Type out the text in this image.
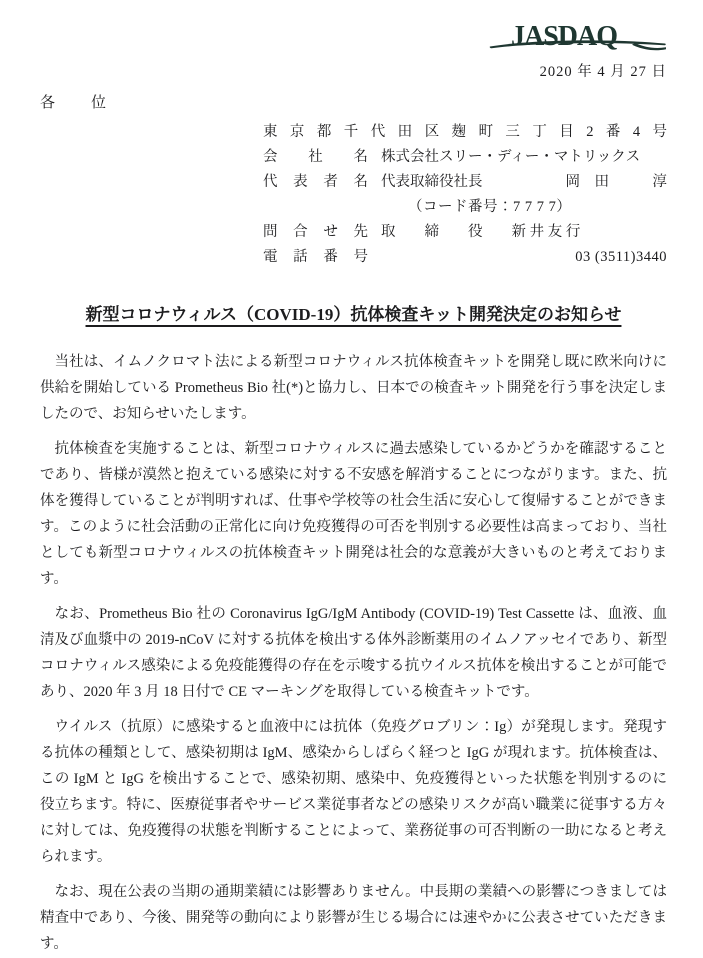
JASDAQ
2020 年 4 月 27 日
各　　位
東京都千代田区麹町三丁目2番4号
会社名 株式会社スリー・ディー・マトリックス
代表者名 代表取締役社長	岡　田　　　淳
（コード番号：7 7 7 7）
問合せ先 取　　締　　役　　新 井 友 行
電話番号	03 (3511)3440
新型コロナウィルス（COVID-19）抗体検査キット開発決定のお知らせ

当社は、イムノクロマト法による新型コロナウィルス抗体検査キットを開発し既に欧米向けに供給を開始している Prometheus Bio 社(*)と協力し、日本での検査キット開発を行う事を決定しましたので、お知らせいたします。

抗体検査を実施することは、新型コロナウィルスに過去感染しているかどうかを確認することであり、皆様が漠然と抱えている感染に対する不安感を解消することにつながります。また、抗体を獲得していることが判明すれば、仕事や学校等の社会生活に安心して復帰することができます。このように社会活動の正常化に向け免疫獲得の可否を判別する必要性は高まっており、当社としても新型コロナウィルスの抗体検査キット開発は社会的な意義が大きいものと考えております。

なお、Prometheus Bio 社の Coronavirus IgG/IgM Antibody (COVID-19) Test Cassette は、血液、血清及び血漿中の 2019-nCoV に対する抗体を検出する体外診断薬用のイムノアッセイであり、新型コロナウィルス感染による免疫能獲得の存在を示唆する抗ウイルス抗体を検出することが可能であり、2020 年 3 月 18 日付で CE マーキングを取得している検査キットです。

ウイルス（抗原）に感染すると血液中には抗体（免疫グロブリン：Ig）が発現します。発現する抗体の種類として、感染初期は IgM、感染からしばらく経つと IgG が現れます。抗体検査は、この IgM と IgG を検出することで、感染初期、感染中、免疫獲得といった状態を判別するのに役立ちます。特に、医療従事者やサービス業従事者などの感染リスクが高い職業に従事する方々に対しては、免疫獲得の状態を判断することによって、業務従事の可否判断の一助になると考えられます。

なお、現在公表の当期の通期業績には影響ありません。中長期の業績への影響につきましては精査中であり、今後、開発等の動向により影響が生じる場合には速やかに公表させていただきます。
